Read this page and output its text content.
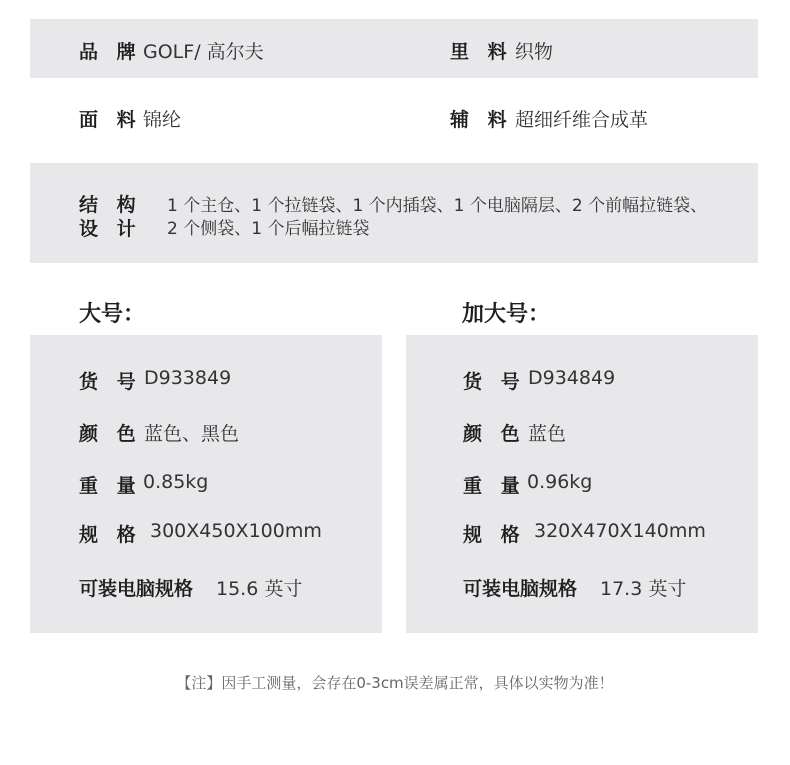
品 牌 GOLF/ 高尔夫	里 料 织物
面 料 锦纶	辅 料 超细纤维合成革
结 构
设 计
1 个主仓、1 个拉链袋、1 个内插袋、1 个电脑隔层、2 个前幅拉链袋、
2 个侧袋、1 个后幅拉链袋
大号：	加大号：
货 号 D933849
颜 色 蓝色、黑色
重 量 0.85kg
规 格 300X450X100mm
可装电脑规格 15.6 英寸
货 号 D934849
颜 色 蓝色
重 量 0.96kg
规 格 320X470X140mm
可装电脑规格 17.3 英寸
【注】因手工测量，会存在0-3cm误差属正常，具体以实物为准！
